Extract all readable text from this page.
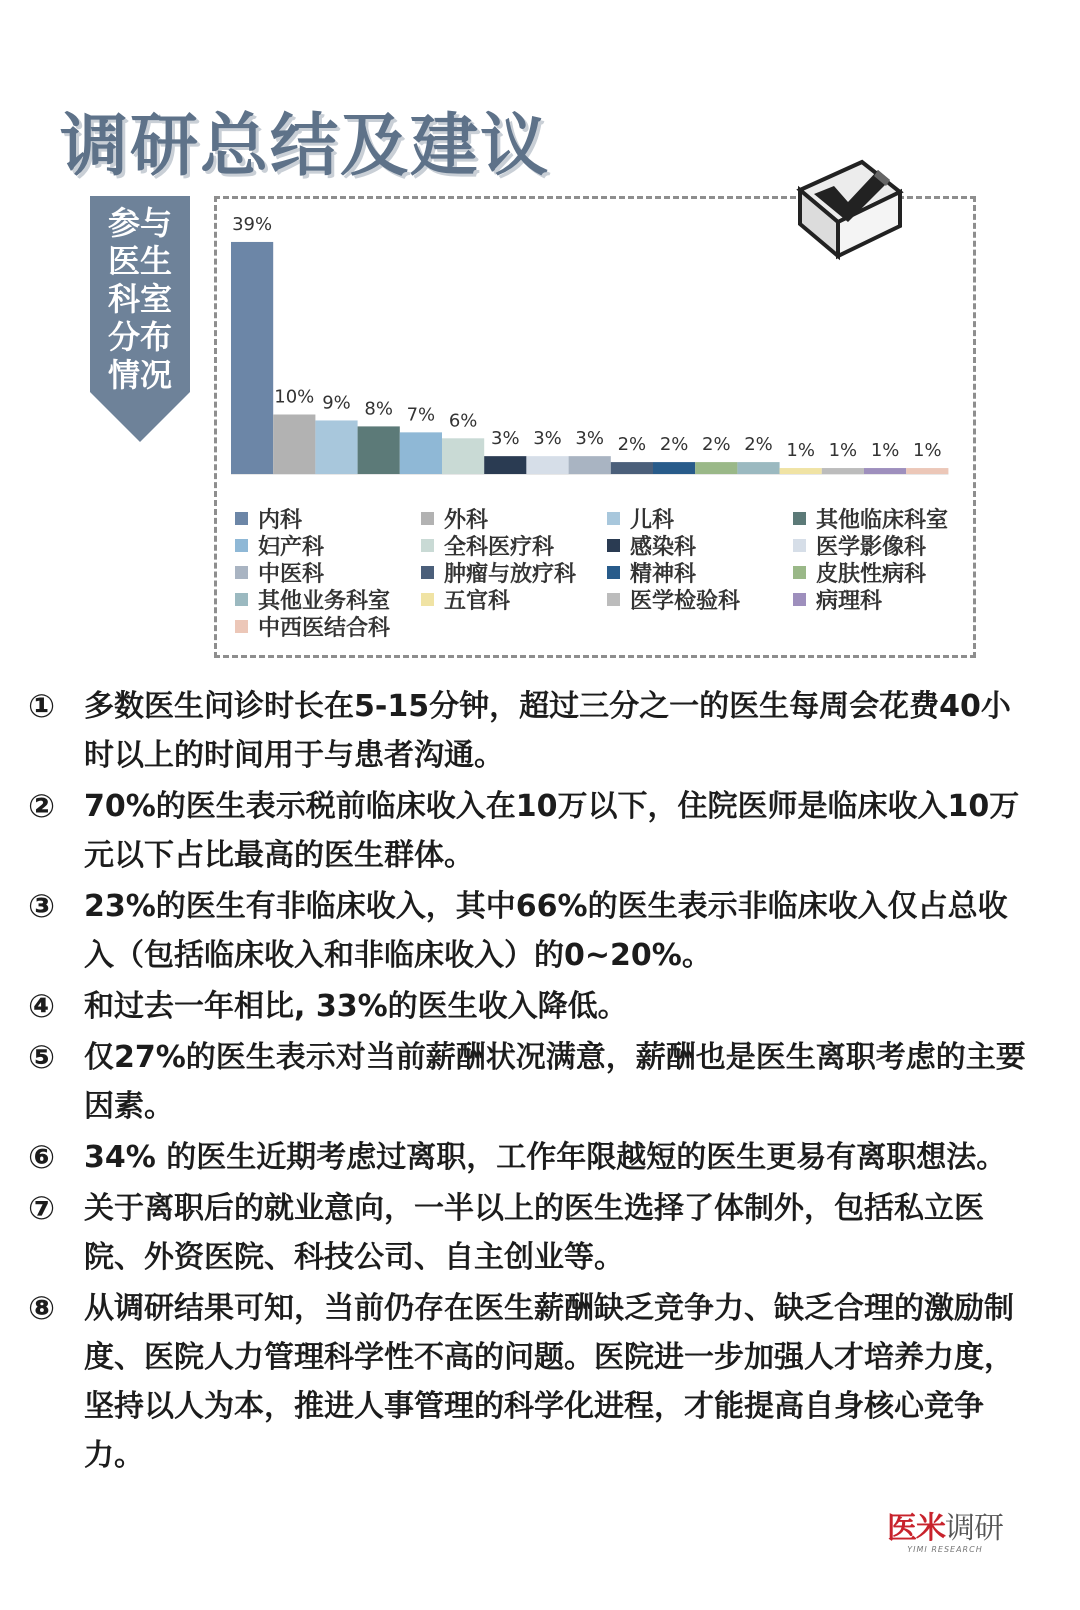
调研总结及建议
参与
医生
科室
分布
情况
39%
10% 9% 8% 7% 6%
3% 3% 3% 2% 2% 2% 2% 1% 1% 1% 1%
内科	外科	儿科	其他临床科室
妇产科	全科医疗科	感染科	医学影像科
中医科	肿瘤与放疗科 精神科	皮肤性病科
其他业务科室 五官科	医学检验科	病理科
中西医结合科
① 多数医生问诊时长在5-15分钟，超过三分之一的医生每周会花费40小时以上的时间用于与患者沟通。
② 70%的医生表示税前临床收入在10万以下，住院医师是临床收入10万元以下占比最高的医生群体。
③ 23%的医生有非临床收入，其中66%的医生表示非临床收入仅占总收入（包括临床收入和非临床收入）的0~20%。
④ 和过去一年相比, 33%的医生收入降低。
⑤ 仅27%的医生表示对当前薪酬状况满意，薪酬也是医生离职考虑的主要因素。
⑥ 34% 的医生近期考虑过离职，工作年限越短的医生更易有离职想法。
⑦ 关于离职后的就业意向，一半以上的医生选择了体制外，包括私立医院、外资医院、科技公司、自主创业等。
⑧ 从调研结果可知，当前仍存在医生薪酬缺乏竞争力、缺乏合理的激励制度、医院人力管理科学性不高的问题。医院进一步加强人才培养力度，坚持以人为本，推进人事管理的科学化进程，才能提高自身核心竞争力。
医米调研
YIMI RESEARCH
